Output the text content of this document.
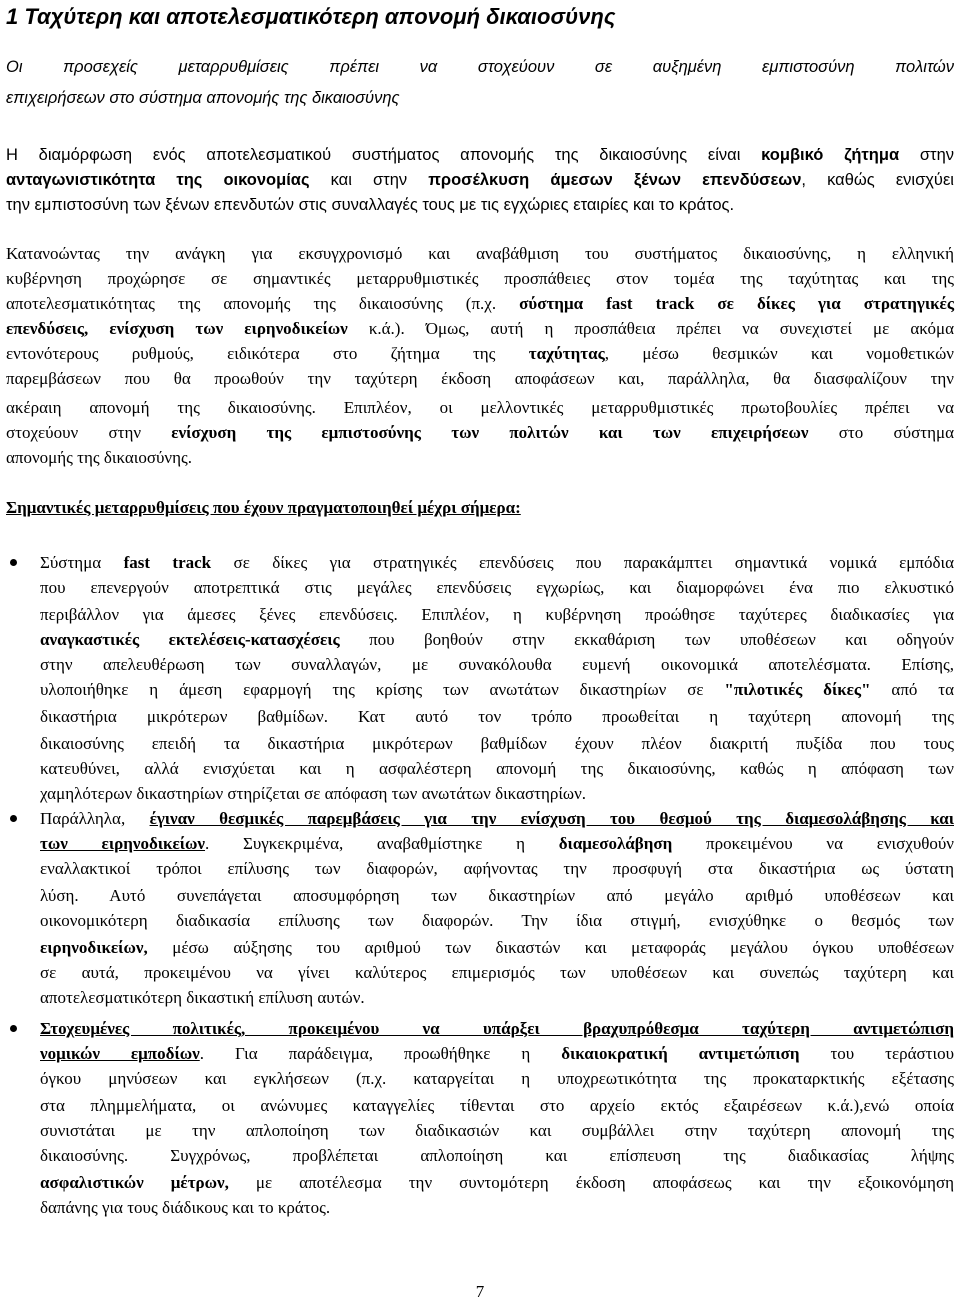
1 Ταχύτερη και αποτελεσματικότερη απονομή δικαιοσύνης

Οι προσεχείς μεταρρυθμίσεις πρέπει να στοχεύουν σε αυξημένη εμπιστοσύνη πολιτών

επιχειρήσεων στο σύστημα απονομής της δικαιοσύνης

Η διαμόρφωση ενός αποτελεσματικού συστήματος απονομής της δικαιοσύνης είναι κομβικό ζήτημα στην

ανταγωνιστικότητα της οικονομίας και στην προσέλκυση άμεσων ξένων επενδύσεων, καθώς ενισχύει

την εμπιστοσύνη των ξένων επενδυτών στις συναλλαγές τους με τις εγχώριες εταιρίες και το κράτος.

Κατανοώντας την ανάγκη για εκσυγχρονισμό και αναβάθμιση του συστήματος δικαιοσύνης, η ελληνική

κυβέρνηση προχώρησε σε σημαντικές μεταρρυθμιστικές προσπάθειες στον τομέα της ταχύτητας και της

αποτελεσματικότητας της απονομής της δικαιοσύνης (π.χ. σύστημα fast track σε δίκες για στρατηγικές

επενδύσεις, ενίσχυση των ειρηνοδικείων κ.ά.). Όμως, αυτή η προσπάθεια πρέπει να συνεχιστεί με ακόμα

εντονότερους ρυθμούς, ειδικότερα στο ζήτημα της ταχύτητας, μέσω θεσμικών και νομοθετικών

παρεμβάσεων που θα προωθούν την ταχύτερη έκδοση αποφάσεων και, παράλληλα, θα διασφαλίζουν την

ακέραιη απονομή της δικαιοσύνης. Επιπλέον, οι μελλοντικές μεταρρυθμιστικές πρωτοβουλίες πρέπει να

στοχεύουν στην ενίσχυση της εμπιστοσύνης των πολιτών και των επιχειρήσεων στο σύστημα

απονομής της δικαιοσύνης.

Σημαντικές μεταρρυθμίσεις που έχουν πραγματοποιηθεί μέχρι σήμερα:

Σύστημα fast track σε δίκες για στρατηγικές επενδύσεις που παρακάμπτει σημαντικά νομικά εμπόδια

που επενεργούν αποτρεπτικά στις μεγάλες επενδύσεις εγχωρίως, και διαμορφώνει ένα πιο ελκυστικό

περιβάλλον για άμεσες ξένες επενδύσεις. Επιπλέον, η κυβέρνηση προώθησε ταχύτερες διαδικασίες για

αναγκαστικές εκτελέσεις-κατασχέσεις που βοηθούν στην εκκαθάριση των υποθέσεων και οδηγούν

στην απελευθέρωση των συναλλαγών, με συνακόλουθα ευμενή οικονομικά αποτελέσματα. Επίσης,

υλοποιήθηκε η άμεση εφαρμογή της κρίσης των ανωτάτων δικαστηρίων σε "πιλοτικές δίκες" από τα

δικαστήρια μικρότερων βαθμίδων. Κατ αυτό τον τρόπο προωθείται η ταχύτερη απονομή της

δικαιοσύνης επειδή τα δικαστήρια μικρότερων βαθμίδων έχουν πλέον διακριτή πυξίδα που τους

κατευθύνει, αλλά ενισχύεται και η ασφαλέστερη απονομή της δικαιοσύνης, καθώς η απόφαση των

χαμηλότερων δικαστηρίων στηρίζεται σε απόφαση των ανωτάτων δικαστηρίων.

Παράλληλα, έγιναν θεσμικές παρεμβάσεις για την ενίσχυση του θεσμού της διαμεσολάβησης και

των ειρηνοδικείων. Συγκεκριμένα, αναβαθμίστηκε η διαμεσολάβηση προκειμένου να ενισχυθούν

εναλλακτικοί τρόποι επίλυσης των διαφορών, αφήνοντας την προσφυγή στα δικαστήρια ως ύστατη

λύση. Αυτό συνεπάγεται αποσυμφόρηση των δικαστηρίων από μεγάλο αριθμό υποθέσεων και

οικονομικότερη διαδικασία επίλυσης των διαφορών. Την ίδια στιγμή, ενισχύθηκε ο θεσμός των

ειρηνοδικείων, μέσω αύξησης του αριθμού των δικαστών και μεταφοράς μεγάλου όγκου υποθέσεων

σε αυτά, προκειμένου να γίνει καλύτερος επιμερισμός των υποθέσεων και συνεπώς ταχύτερη και

αποτελεσματικότερη δικαστική επίλυση αυτών.

Στοχευμένες πολιτικές, προκειμένου να υπάρξει βραχυπρόθεσμα ταχύτερη αντιμετώπιση

νομικών εμποδίων. Για παράδειγμα, προωθήθηκε η δικαιοκρατική αντιμετώπιση του τεράστιου

όγκου μηνύσεων και εγκλήσεων (π.χ. καταργείται η υποχρεωτικότητα της προκαταρκτικής εξέτασης

στα πλημμελήματα, οι ανώνυμες καταγγελίες τίθενται στο αρχείο εκτός εξαιρέσεων κ.ά.),ενώ οποία

συνιστάται με την απλοποίηση των διαδικασιών και συμβάλλει στην ταχύτερη απονομή της

δικαιοσύνης. Συγχρόνως, προβλέπεται απλοποίηση και επίσπευση της διαδικασίας λήψης

ασφαλιστικών μέτρων, με αποτέλεσμα την συντομότερη έκδοση αποφάσεως και την εξοικονόμηση

δαπάνης για τους διάδικους και το κράτος.

7
